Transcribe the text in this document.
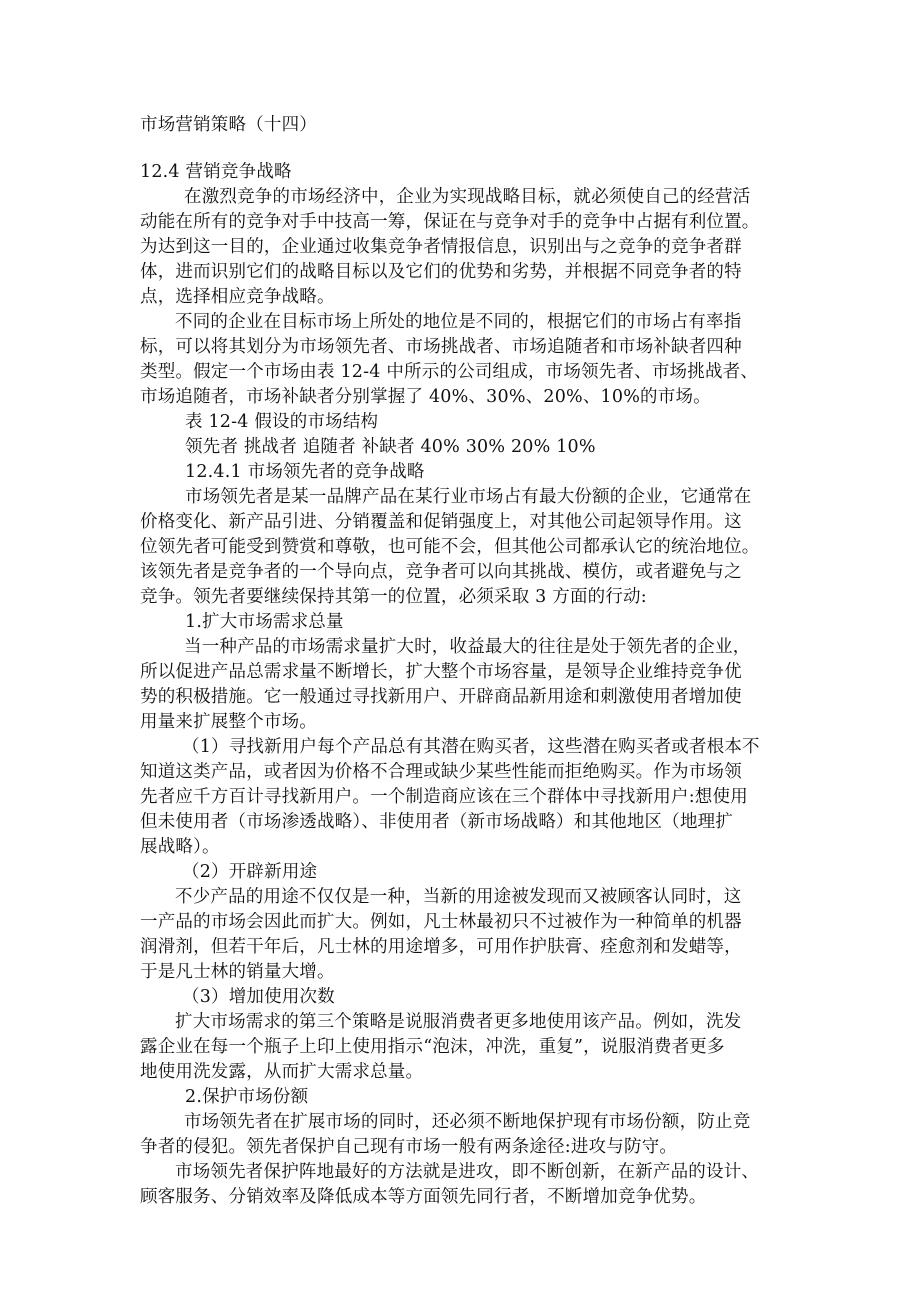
市场营销策略（十四）
12.4 营销竞争战略
在激烈竞争的市场经济中，企业为实现战略目标，就必须使自己的经营活
动能在所有的竞争对手中技高一筹，保证在与竞争对手的竞争中占据有利位置。
为达到这一目的，企业通过收集竞争者情报信息，识别出与之竞争的竞争者群
体，进而识别它们的战略目标以及它们的优势和劣势，并根据不同竞争者的特
点，选择相应竞争战略。
不同的企业在目标市场上所处的地位是不同的，根据它们的市场占有率指
标，可以将其划分为市场领先者、市场挑战者、市场追随者和市场补缺者四种
类型。假定一个市场由表 12-4 中所示的公司组成，市场领先者、市场挑战者、
市场追随者，市场补缺者分别掌握了 40%、30%、20%、10%的市场。
表 12-4 假设的市场结构
领先者 挑战者 追随者 补缺者 40% 30% 20% 10%
12.4.1 市场领先者的竞争战略
市场领先者是某一品牌产品在某行业市场占有最大份额的企业，它通常在
价格变化、新产品引进、分销覆盖和促销强度上，对其他公司起领导作用。这
位领先者可能受到赞赏和尊敬，也可能不会，但其他公司都承认它的统治地位。
该领先者是竞争者的一个导向点，竞争者可以向其挑战、模仿，或者避免与之
竞争。领先者要继续保持其第一的位置，必须采取 3 方面的行动:
1.扩大市场需求总量
当一种产品的市场需求量扩大时，收益最大的往往是处于领先者的企业，
所以促进产品总需求量不断增长，扩大整个市场容量，是领导企业维持竞争优
势的积极措施。它一般通过寻找新用户、开辟商品新用途和刺激使用者增加使
用量来扩展整个市场。
（1）寻找新用户每个产品总有其潜在购买者，这些潜在购买者或者根本不
知道这类产品，或者因为价格不合理或缺少某些性能而拒绝购买。作为市场领
先者应千方百计寻找新用户。一个制造商应该在三个群体中寻找新用户:想使用
但未使用者（市场渗透战略）、非使用者（新市场战略）和其他地区（地理扩
展战略）。
（2）开辟新用途
不少产品的用途不仅仅是一种，当新的用途被发现而又被顾客认同时，这
一产品的市场会因此而扩大。例如，凡士林最初只不过被作为一种简单的机器
润滑剂，但若干年后，凡士林的用途增多，可用作护肤膏、痊愈剂和发蜡等，
于是凡士林的销量大增。
（3）增加使用次数
扩大市场需求的第三个策略是说服消费者更多地使用该产品。例如，洗发
露企业在每一个瓶子上印上使用指示“泡沫，冲洗，重复”，说服消费者更多
地使用洗发露，从而扩大需求总量。
2.保护市场份额
市场领先者在扩展市场的同时，还必须不断地保护现有市场份额，防止竞
争者的侵犯。领先者保护自己现有市场一般有两条途径:进攻与防守。
市场领先者保护阵地最好的方法就是进攻，即不断创新，在新产品的设计、
顾客服务、分销效率及降低成本等方面领先同行者，不断增加竞争优势。
